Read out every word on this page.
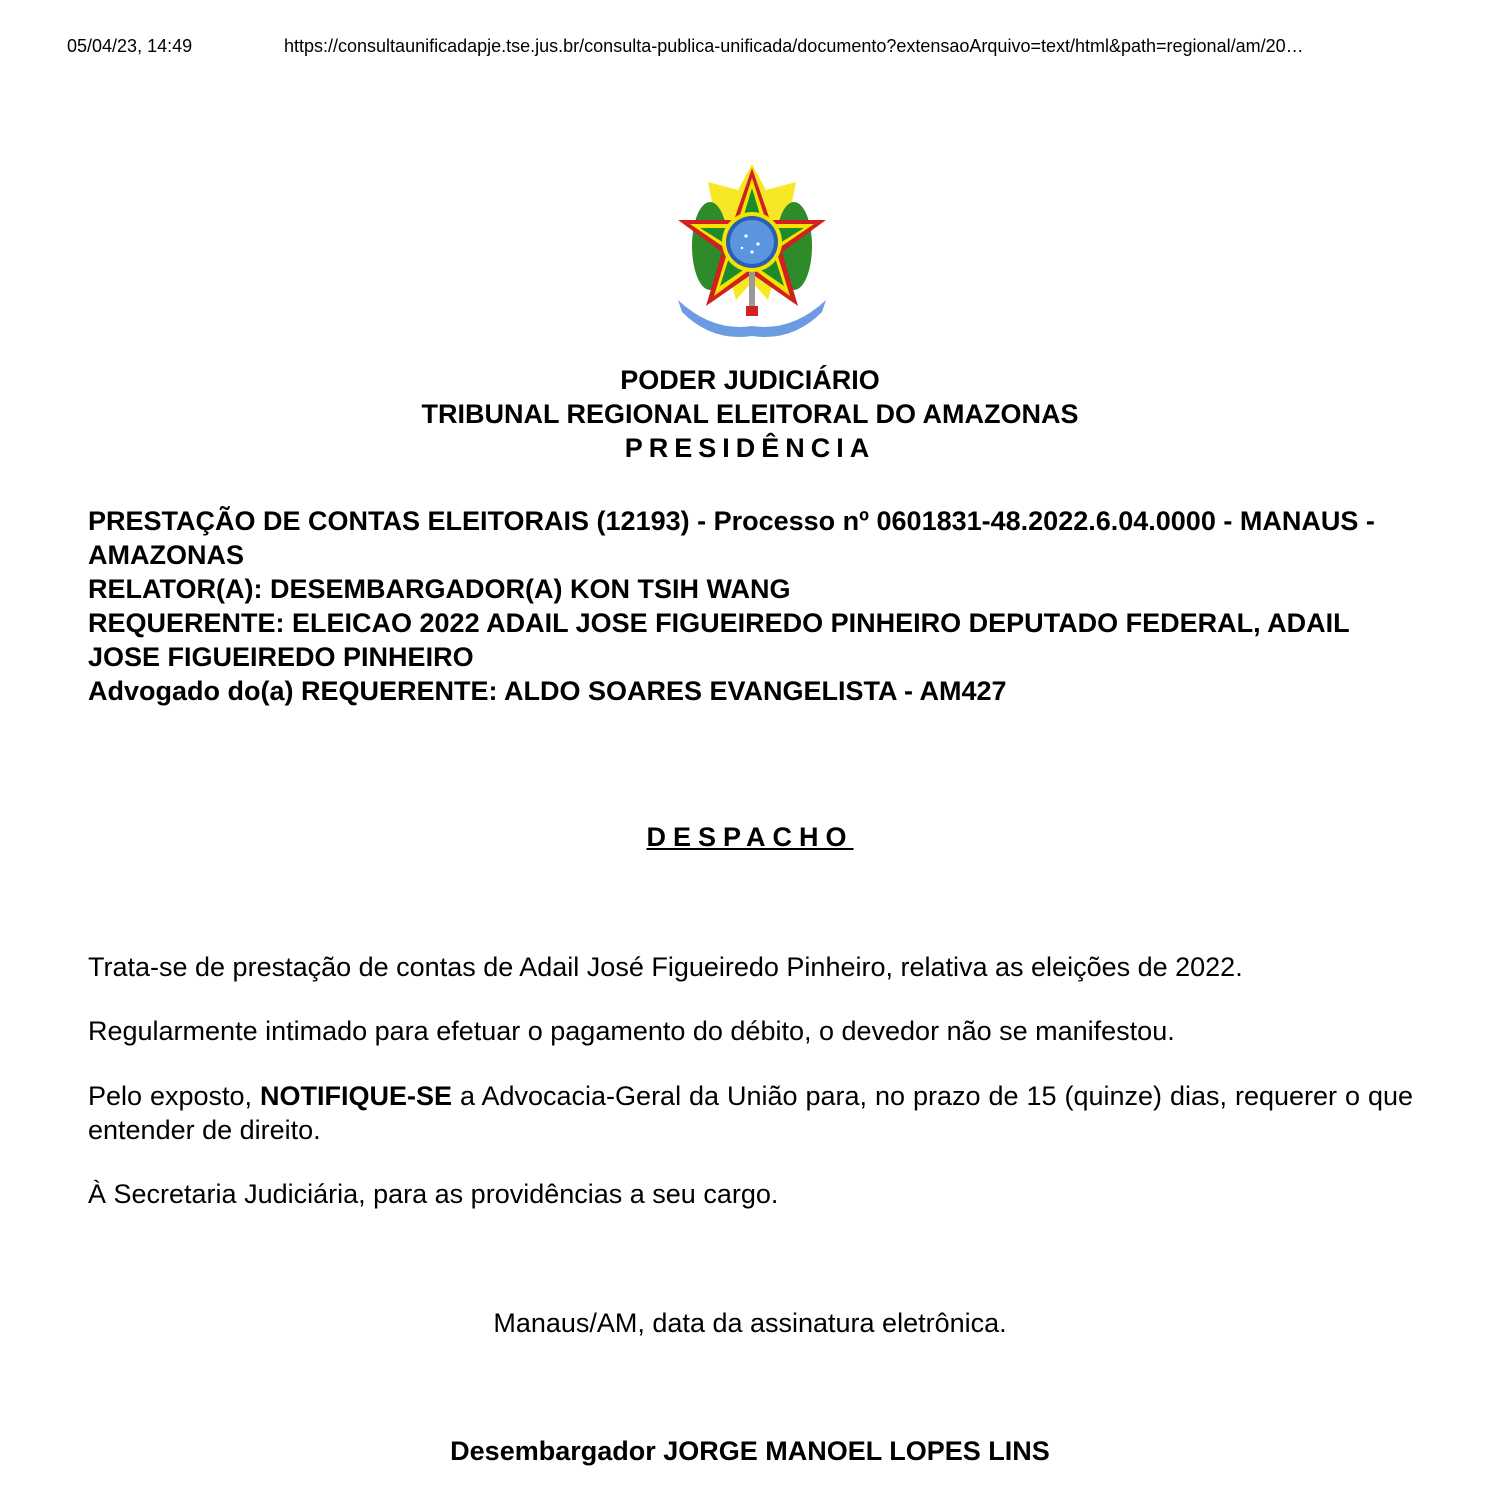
05/04/23, 14:49	https://consultaunificadapje.tse.jus.br/consulta-publica-unificada/documento?extensaoArquivo=text/html&path=regional/am/20…
PODER JUDICIÁRIO
TRIBUNAL REGIONAL ELEITORAL DO AMAZONAS
PRESIDÊNCIA
PRESTAÇÃO DE CONTAS ELEITORAIS (12193) - Processo nº 0601831-48.2022.6.04.0000 - MANAUS - AMAZONAS
RELATOR(A): DESEMBARGADOR(A) KON TSIH WANG
REQUERENTE: ELEICAO 2022 ADAIL JOSE FIGUEIREDO PINHEIRO DEPUTADO FEDERAL, ADAIL JOSE FIGUEIREDO PINHEIRO
Advogado do(a) REQUERENTE: ALDO SOARES EVANGELISTA - AM427
DESPACHO
Trata-se de prestação de contas de Adail José Figueiredo Pinheiro, relativa as eleições de 2022.
Regularmente intimado para efetuar o pagamento do débito, o devedor não se manifestou.
Pelo exposto, NOTIFIQUE-SE a Advocacia-Geral da União para, no prazo de 15 (quinze) dias, requerer o que entender de direito.
À Secretaria Judiciária, para as providências a seu cargo.
Manaus/AM, data da assinatura eletrônica.
Desembargador JORGE MANOEL LOPES LINS
